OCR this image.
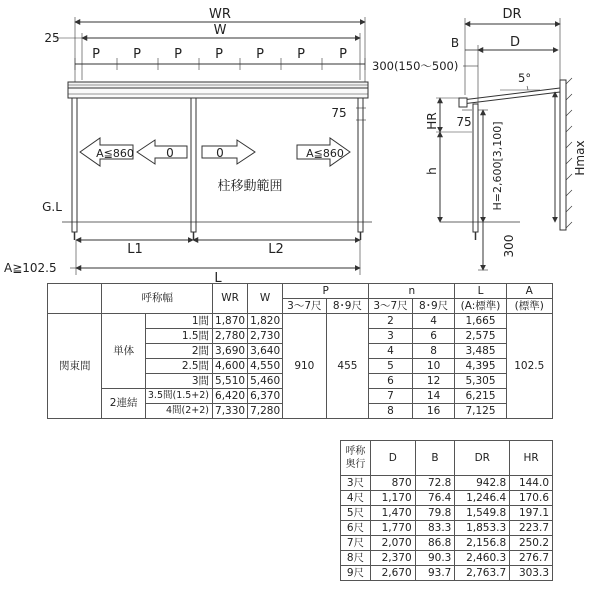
WR
W
25
P	P	P	P	P	P	P
75
A≦860	0	0	A≦860
柱移動範囲
G.L
L1	L2
L
A≧102.5
DR
B	D
300(150〜500)
5°
HR 75
h	H=2,600[3,100]	Hmax
300
	呼称幅		WR	W	P		n		L	A
					3〜7尺	8･9尺	3〜7尺	8･9尺	(A:標準)	(標準)
関東間	単体	1間	1,870	1,820	910	455	2	4	1,665	102.5
		1.5間	2,780	2,730			3	6	2,575	
		2間	3,690	3,640			4	8	3,485	
		2.5間	4,600	4,550			5	10	4,395	
		3間	5,510	5,460			6	12	5,305	
	2連結	3.5間(1.5+2)	6,420	6,370			7	14	6,215	
		4間(2+2)	7,330	7,280			8	16	7,125	
呼称
奥行	D	B	DR	HR
3尺	870	72.8	942.8	144.0
4尺	1,170	76.4	1,246.4	170.6
5尺	1,470	79.8	1,549.8	197.1
6尺	1,770	83.3	1,853.3	223.7
7尺	2,070	86.8	2,156.8	250.2
8尺	2,370	90.3	2,460.3	276.7
9尺	2,670	93.7	2,763.7	303.3
